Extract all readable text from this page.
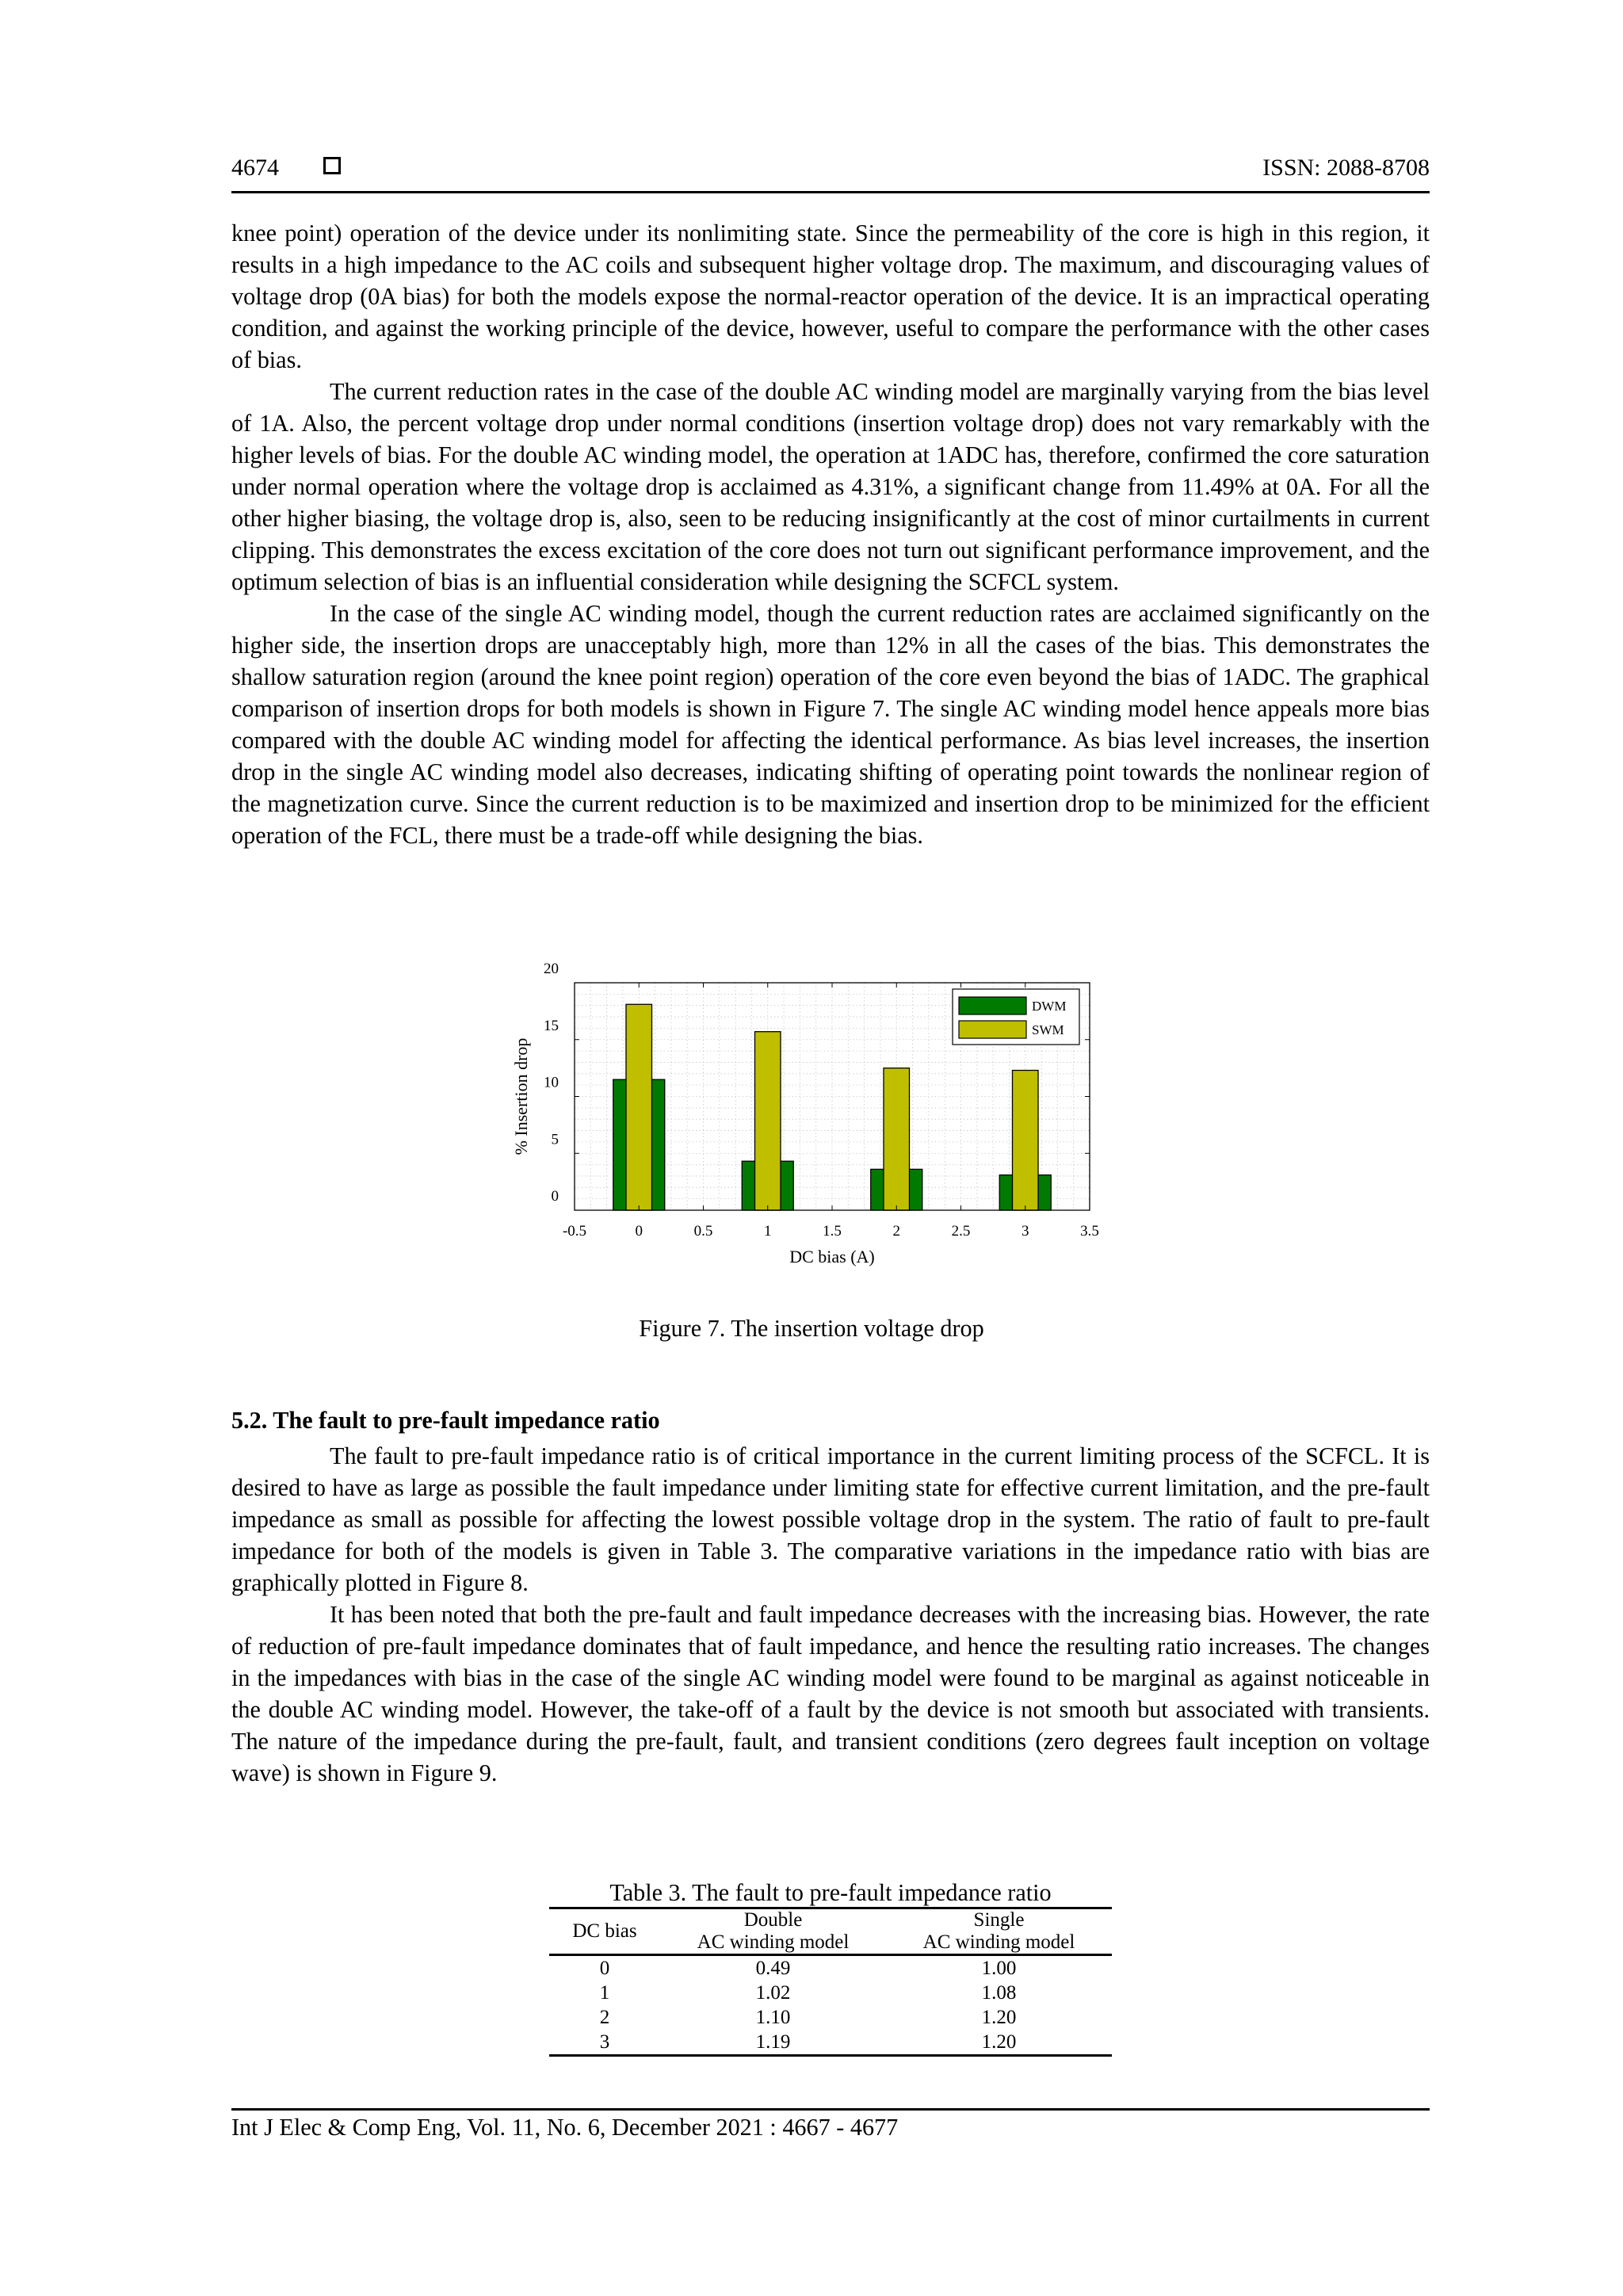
4674	ISSN: 2088-8708

knee point) operation of the device under its nonlimiting state. Since the permeability of the core is high in this region, it results in a high impedance to the AC coils and subsequent higher voltage drop. The maximum, and discouraging values of voltage drop (0A bias) for both the models expose the normal-reactor operation of the device. It is an impractical operating condition, and against the working principle of the device, however, useful to compare the performance with the other cases of bias.

The current reduction rates in the case of the double AC winding model are marginally varying from the bias level of 1A. Also, the percent voltage drop under normal conditions (insertion voltage drop) does not vary remarkably with the higher levels of bias. For the double AC winding model, the operation at 1ADC has, therefore, confirmed the core saturation under normal operation where the voltage drop is acclaimed as 4.31%, a significant change from 11.49% at 0A. For all the other higher biasing, the voltage drop is, also, seen to be reducing insignificantly at the cost of minor curtailments in current clipping. This demonstrates the excess excitation of the core does not turn out significant performance improvement, and the optimum selection of bias is an influential consideration while designing the SCFCL system.

In the case of the single AC winding model, though the current reduction rates are acclaimed significantly on the higher side, the insertion drops are unacceptably high, more than 12% in all the cases of the bias. This demonstrates the shallow saturation region (around the knee point region) operation of the core even beyond the bias of 1ADC. The graphical comparison of insertion drops for both models is shown in Figure 7. The single AC winding model hence appeals more bias compared with the double AC winding model for affecting the identical performance. As bias level increases, the insertion drop in the single AC winding model also decreases, indicating shifting of operating point towards the nonlinear region of the magnetization curve. Since the current reduction is to be maximized and insertion drop to be minimized for the efficient operation of the FCL, there must be a trade-off while designing the bias.

-0.5	0	0.5	1	1.5	2	2.5	3	3.5
0
5
10
15
20
DC bias (A)
% Insertion drop
DWM
SWM
Figure 7. The insertion voltage drop
5.2. The fault to pre-fault impedance ratio

The fault to pre-fault impedance ratio is of critical importance in the current limiting process of the SCFCL. It is desired to have as large as possible the fault impedance under limiting state for effective current limitation, and the pre-fault impedance as small as possible for affecting the lowest possible voltage drop in the system. The ratio of fault to pre-fault impedance for both of the models is given in Table 3. The comparative variations in the impedance ratio with bias are graphically plotted in Figure 8.

It has been noted that both the pre-fault and fault impedance decreases with the increasing bias. However, the rate of reduction of pre-fault impedance dominates that of fault impedance, and hence the resulting ratio increases. The changes in the impedances with bias in the case of the single AC winding model were found to be marginal as against noticeable in the double AC winding model. However, the take-off of a fault by the device is not smooth but associated with transients. The nature of the impedance during the pre-fault, fault, and transient conditions (zero degrees fault inception on voltage wave) is shown in Figure 9.

Table 3. The fault to pre-fault impedance ratio
DC bias	Double	Single
	AC winding model	AC winding model
0	0.49	1.00
1	1.02	1.08
2	1.10	1.20
3	1.19	1.20
Int J Elec & Comp Eng, Vol. 11, No. 6, December 2021 : 4667 - 4677
